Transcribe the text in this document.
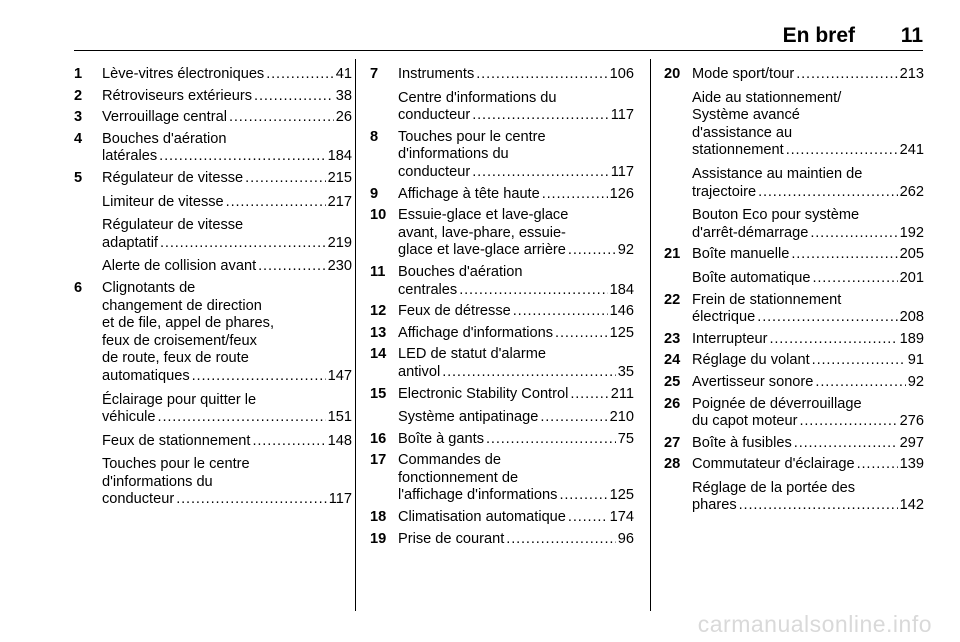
En bref 11
1 Lève-vitres électroniques . . .	41
2 Rétroviseurs extérieurs . . .	38
3 Verrouillage central . . .	26
4 Bouches d'aération
latérales . . .	184
5 Régulateur de vitesse . . .	215
Limiteur de vitesse . . .	217
Régulateur de vitesse
adaptatif . . .	219
Alerte de collision avant . . .	230
6 Clignotants de
changement de direction
et de file, appel de phares,
feux de croisement/feux
de route, feux de route
automatiques . . .	147
Éclairage pour quitter le
véhicule . . .	151
Feux de stationnement . . .	148
Touches pour le centre
d'informations du
conducteur . . .	117
7 Instruments . . .	106
Centre d'informations du
conducteur . . .	117
8 Touches pour le centre
d'informations du
conducteur . . .	117
9 Affichage à tête haute . . .	126
10 Essuie-glace et lave-glace
avant, lave-phare, essuie-
glace et lave-glace arrière . . .	92
11 Bouches d'aération
centrales . . .	184
12 Feux de détresse . . .	146
13 Affichage d'informations . . .	125
14 LED de statut d'alarme
antivol . . .	35
15 Electronic Stability Control . . .	211
Système antipatinage . . .	210
16 Boîte à gants . . .	75
17 Commandes de
fonctionnement de
l'affichage d'informations . . .	125
18 Climatisation automatique . . .	174
19 Prise de courant . . .	96
20 Mode sport/tour . . .	213
Aide au stationnement/
Système avancé
d'assistance au
stationnement . . .	241
Assistance au maintien de
trajectoire . . .	262
Bouton Eco pour système
d'arrêt-démarrage . . .	192
21 Boîte manuelle . . .	205
Boîte automatique . . .	201
22 Frein de stationnement
électrique . . .	208
23 Interrupteur . . .	189
24 Réglage du volant . . .	91
25 Avertisseur sonore . . .	92
26 Poignée de déverrouillage
du capot moteur . . .	276
27 Boîte à fusibles . . .	297
28 Commutateur d'éclairage . . .	139
Réglage de la portée des
phares . . .	142
carmanualsonline.info
